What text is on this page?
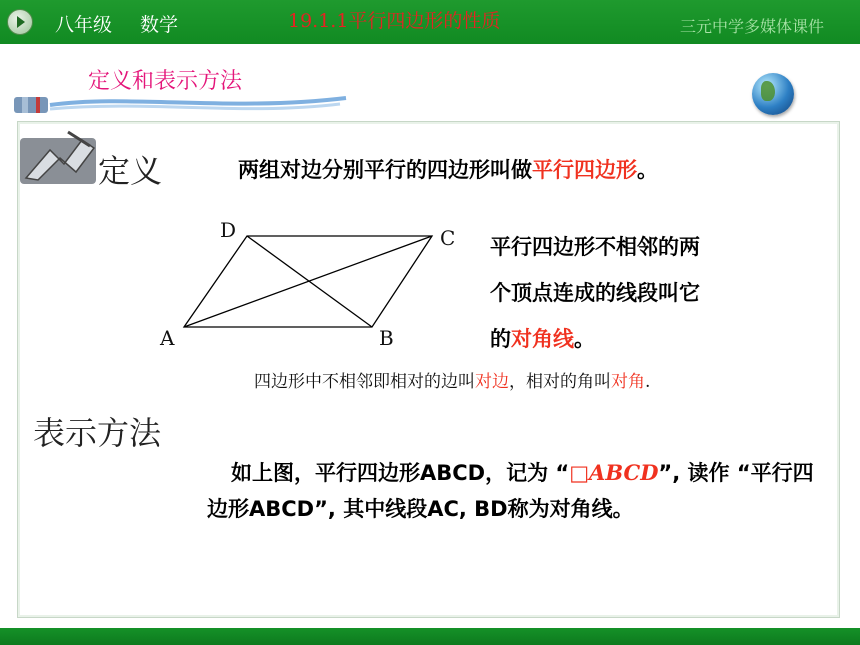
八年级 数学	19.1.1平行四边形的性质	三元中学多媒体课件
定义和表示方法
定义	两组对边分别平行的四边形叫做平行四边形。
D	C
A	B
平行四边形不相邻的两
个顶点连成的线段叫它
的对角线。
四边形中不相邻即相对的边叫对边，相对的角叫对角.
表示方法
如上图，平行四边形ABCD，记为 “□ABCD”, 读作 “平行四边形ABCD”, 其中线段AC, BD称为对角线。
